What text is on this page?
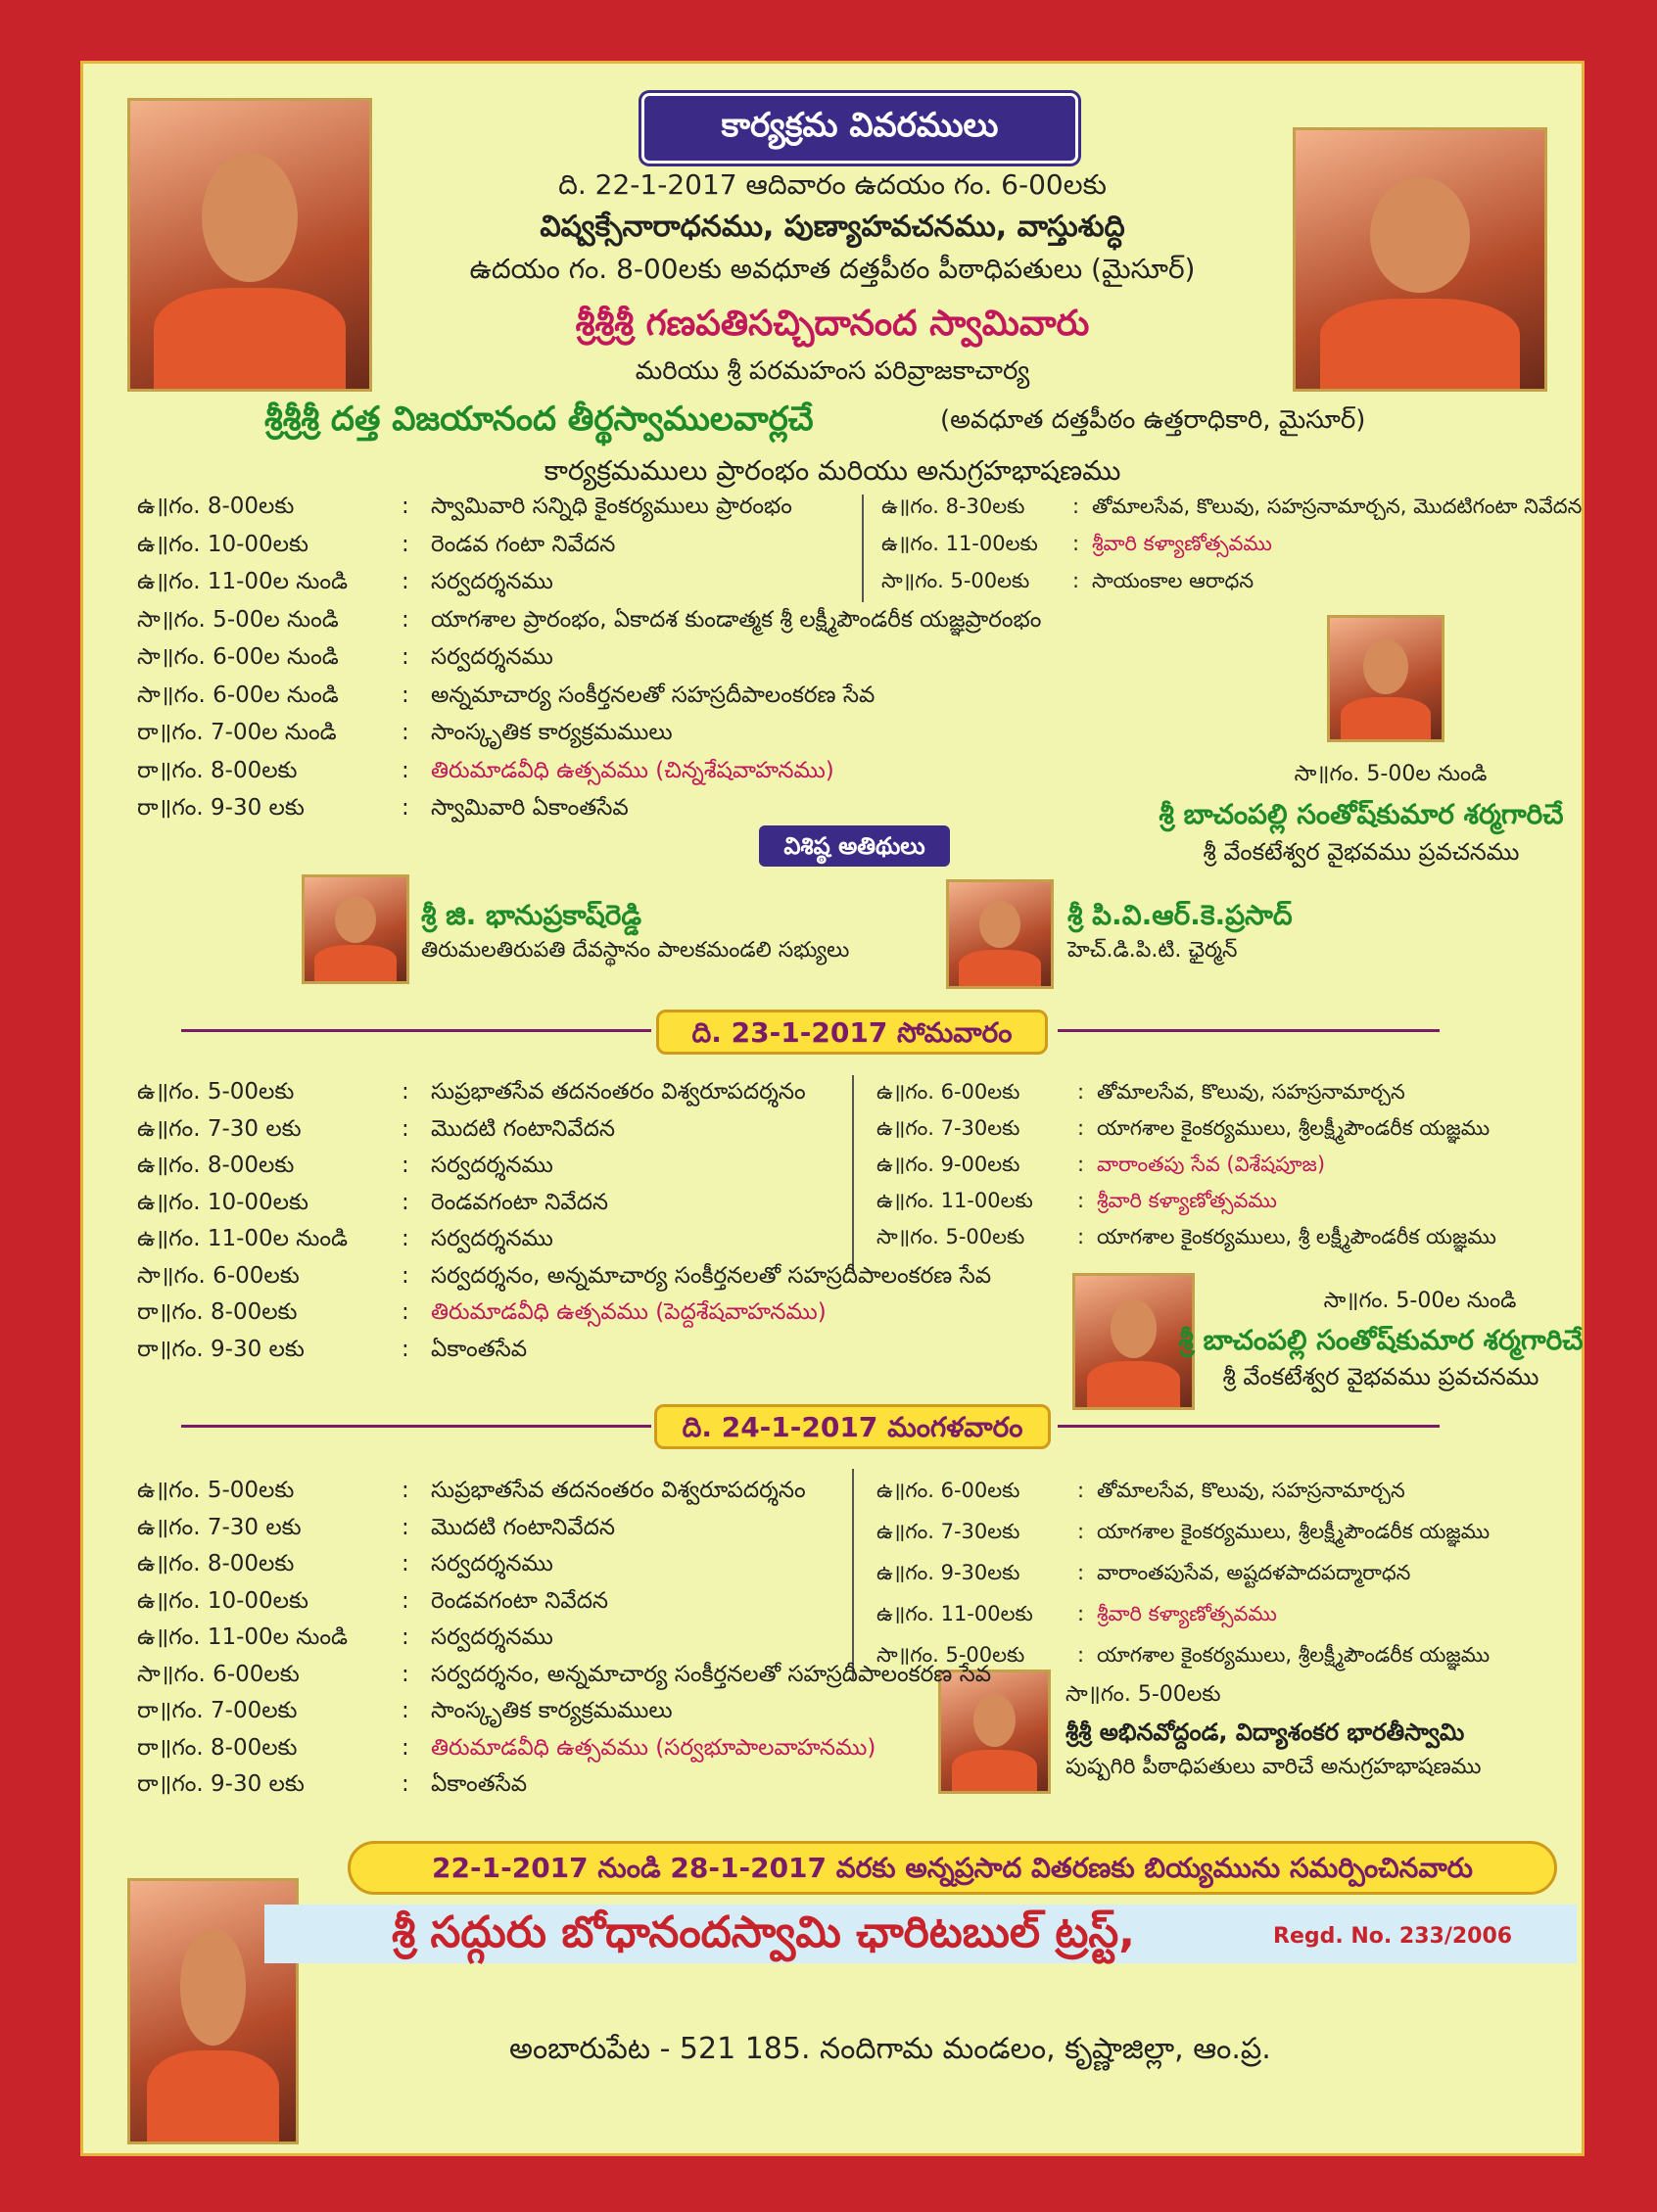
కార్యక్రమ వివరములు
ది. 22-1-2017 ఆదివారం ఉదయం గం. 6-00లకు
విష్వక్సేనారాధనము, పుణ్యాహవచనము, వాస్తుశుద్ధి
ఉదయం గం. 8-00లకు అవధూత దత్తపీఠం పీఠాధిపతులు (మైసూర్)
శ్రీశ్రీశ్రీ గణపతిసచ్చిదానంద స్వామివారు
మరియు శ్రీ పరమహంస పరివ్రాజకాచార్య
శ్రీశ్రీశ్రీ దత్త విజయానంద తీర్థస్వాములవార్లచే	(అవధూత దత్తపీఠం ఉత్తరాధికారి, మైసూర్)
కార్యక్రమములు ప్రారంభం మరియు అనుగ్రహభాషణము
సా॥గం. 5-00ల నుండి
శ్రీ బాచంపల్లి సంతోష్‌కుమార శర్మగారిచే
శ్రీ వేంకటేశ్వర వైభవము ప్రవచనము
విశిష్ఠ అతిథులు
శ్రీ జి. భానుప్రకాష్‌రెడ్డి
తిరుమలతిరుపతి దేవస్థానం పాలకమండలి సభ్యులు
శ్రీ పి.వి.ఆర్.కె.ప్రసాద్
హెచ్.డి.పి.టి. ఛైర్మన్
ది. 23-1-2017 సోమవారం
సా॥గం. 5-00ల నుండి
శ్రీ బాచంపల్లి సంతోష్‌కుమార శర్మగారిచే
శ్రీ వేంకటేశ్వర వైభవము ప్రవచనము
ది. 24-1-2017 మంగళవారం
సా॥గం. 5-00లకు
శ్రీశ్రీ అభినవోద్దండ, విద్యాశంకర భారతీస్వామి
పుష్పగిరి పీఠాధిపతులు వారిచే అనుగ్రహభాషణము
22-1-2017 నుండి 28-1-2017 వరకు అన్నప్రసాద వితరణకు బియ్యమును సమర్పించినవారు
శ్రీ సద్గురు బోధానందస్వామి ఛారిటబుల్ ట్రస్ట్,	Regd. No. 233/2006
అంబారుపేట - 521 185. నందిగామ మండలం, కృష్ణాజిల్లా, ఆం.ప్ర.
ఉ॥గం. 8-00లకు	: స్వామివారి సన్నిధి కైంకర్యములు ప్రారంభం
ఉ॥గం. 10-00లకు	: రెండవ గంటా నివేదన
ఉ॥గం. 11-00ల నుండి : సర్వదర్శనము
సా॥గం. 5-00ల నుండి	: యాగశాల ప్రారంభం, ఏకాదశ కుండాత్మక శ్రీ లక్ష్మీపౌండరీక యజ్ఞప్రారంభం
సా॥గం. 6-00ల నుండి	: సర్వదర్శనము
సా॥గం. 6-00ల నుండి	: అన్నమాచార్య సంకీర్తనలతో సహస్రదీపాలంకరణ సేవ
రా॥గం. 7-00ల నుండి	: సాంస్కృతిక కార్యక్రమములు
రా॥గం. 8-00లకు	: తిరుమాడవీధి ఉత్సవము (చిన్నశేషవాహనము)
రా॥గం. 9-30 లకు	: స్వామివారి ఏకాంతసేవ
ఉ॥గం. 8-30లకు : తోమాలసేవ, కొలువు, సహస్రనామార్చన, మొదటిగంటా నివేదన
ఉ॥గం. 11-00లకు : శ్రీవారి కళ్యాణోత్సవము
సా॥గం. 5-00లకు : సాయంకాల ఆరాధన
ఉ॥గం. 5-00లకు	: సుప్రభాతసేవ తదనంతరం విశ్వరూపదర్శనం
ఉ॥గం. 7-30 లకు	: మొదటి గంటానివేదన
ఉ॥గం. 8-00లకు	: సర్వదర్శనము
ఉ॥గం. 10-00లకు	: రెండవగంటా నివేదన
ఉ॥గం. 11-00ల నుండి : సర్వదర్శనము
సా॥గం. 6-00లకు	: సర్వదర్శనం, అన్నమాచార్య సంకీర్తనలతో సహస్రదీపాలంకరణ సేవ
రా॥గం. 8-00లకు	: తిరుమాడవీధి ఉత్సవము (పెద్దశేషవాహనము)
రా॥గం. 9-30 లకు	: ఏకాంతసేవ
ఉ॥గం. 6-00లకు	: తోమాలసేవ, కొలువు, సహస్రనామార్చన
ఉ॥గం. 7-30లకు	: యాగశాల కైంకర్యములు, శ్రీలక్ష్మీపౌండరీక యజ్ఞము
ఉ॥గం. 9-00లకు	: వారాంతపు సేవ (విశేషపూజ)
ఉ॥గం. 11-00లకు : శ్రీవారి కళ్యాణోత్సవము
సా॥గం. 5-00లకు	: యాగశాల కైంకర్యములు, శ్రీ లక్ష్మీపౌండరీక యజ్ఞము
ఉ॥గం. 5-00లకు	: సుప్రభాతసేవ తదనంతరం విశ్వరూపదర్శనం
ఉ॥గం. 7-30 లకు	: మొదటి గంటానివేదన
ఉ॥గం. 8-00లకు	: సర్వదర్శనము
ఉ॥గం. 10-00లకు	: రెండవగంటా నివేదన
ఉ॥గం. 11-00ల నుండి : సర్వదర్శనము
సా॥గం. 6-00లకు	: సర్వదర్శనం, అన్నమాచార్య సంకీర్తనలతో సహస్రదీపాలంకరణ సేవ
రా॥గం. 7-00లకు	: సాంస్కృతిక కార్యక్రమములు
రా॥గం. 8-00లకు	: తిరుమాడవీధి ఉత్సవము (సర్వభూపాలవాహనము)
రా॥గం. 9-30 లకు	: ఏకాంతసేవ
ఉ॥గం. 6-00లకు	: తోమాలసేవ, కొలువు, సహస్రనామార్చన
ఉ॥గం. 7-30లకు	: యాగశాల కైంకర్యములు, శ్రీలక్ష్మీపౌండరీక యజ్ఞము
ఉ॥గం. 9-30లకు	: వారాంతపుసేవ, అష్టదళపాదపద్మారాధన
ఉ॥గం. 11-00లకు : శ్రీవారి కళ్యాణోత్సవము
సా॥గం. 5-00లకు	: యాగశాల కైంకర్యములు, శ్రీలక్ష్మీపౌండరీక యజ్ఞము
